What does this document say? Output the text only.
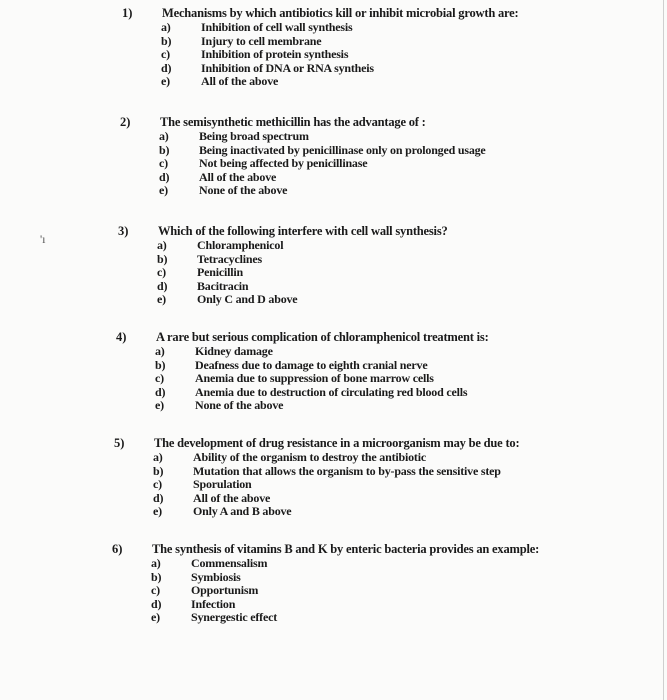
'ı
1) Mechanisms by which antibiotics kill or inhibit microbial growth are:
a)	Inhibition of cell wall synthesis
b) Injury to cell membrane
c)	Inhibition of protein synthesis
d) Inhibition of DNA or RNA syntheis
e)	All of the above
2) The semisynthetic methicillin has the advantage of :
a)	Being broad spectrum
b) Being inactivated by penicillinase only on prolonged usage
c)	Not being affected by penicillinase
d) All of the above
e)	None of the above
3) Which of the following interfere with cell wall synthesis?
a)	Chloramphenicol
b) Tetracyclines
c)	Penicillin
d) Bacitracin
e)	Only C and D above
4) A rare but serious complication of chloramphenicol treatment is:
a)	Kidney damage
b) Deafness due to damage to eighth cranial nerve
c)	Anemia due to suppression of bone marrow cells
d) Anemia due to destruction of circulating red blood cells
e)	None of the above
5) The development of drug resistance in a microorganism may be due to:
a)	Ability of the organism to destroy the antibiotic
b) Mutation that allows the organism to by-pass the sensitive step
c)	Sporulation
d) All of the above
e)	Only A and B above
6) The synthesis of vitamins B and K by enteric bacteria provides an example:
a)	Commensalism
b) Symbiosis
c)	Opportunism
d) Infection
e)	Synergestic effect
